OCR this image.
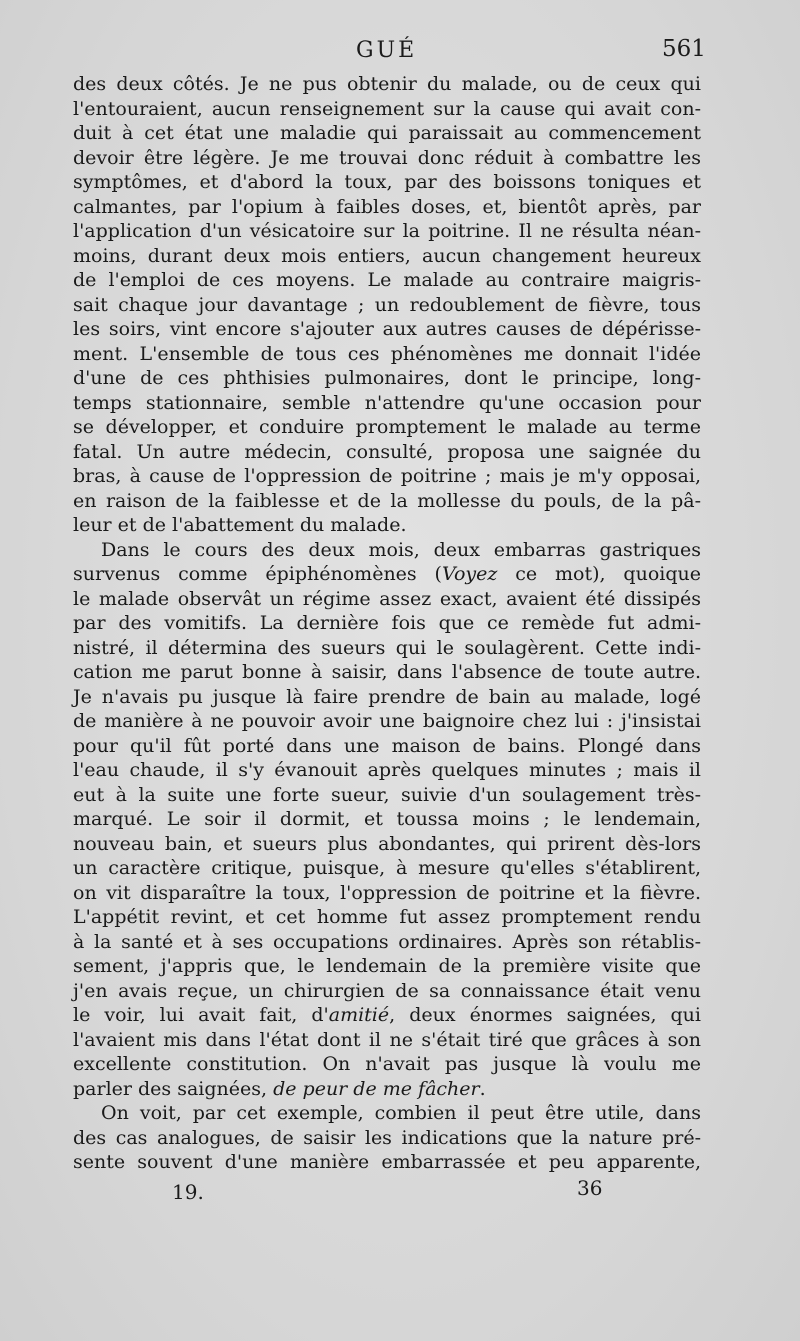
GUÉ	561
des deux côtés. Je ne pus obtenir du malade, ou de ceux qui
l'entouraient, aucun renseignement sur la cause qui avait con-
duit à cet état une maladie qui paraissait au commencement
devoir être légère. Je me trouvai donc réduit à combattre les
symptômes, et d'abord la toux, par des boissons toniques et
calmantes, par l'opium à faibles doses, et, bientôt après, par
l'application d'un vésicatoire sur la poitrine. Il ne résulta néan-
moins, durant deux mois entiers, aucun changement heureux
de l'emploi de ces moyens. Le malade au contraire maigris-
sait chaque jour davantage ; un redoublement de fièvre, tous
les soirs, vint encore s'ajouter aux autres causes de dépérisse-
ment. L'ensemble de tous ces phénomènes me donnait l'idée
d'une de ces phthisies pulmonaires, dont le principe, long-
temps stationnaire, semble n'attendre qu'une occasion pour
se développer, et conduire promptement le malade au terme
fatal. Un autre médecin, consulté, proposa une saignée du
bras, à cause de l'oppression de poitrine ; mais je m'y opposai,
en raison de la faiblesse et de la mollesse du pouls, de la pâ-
leur et de l'abattement du malade.
Dans le cours des deux mois, deux embarras gastriques
survenus comme épiphénomènes (Voyez ce mot), quoique
le malade observât un régime assez exact, avaient été dissipés
par des vomitifs. La dernière fois que ce remède fut admi-
nistré, il détermina des sueurs qui le soulagèrent. Cette indi-
cation me parut bonne à saisir, dans l'absence de toute autre.
Je n'avais pu jusque là faire prendre de bain au malade, logé
de manière à ne pouvoir avoir une baignoire chez lui : j'insistai
pour qu'il fût porté dans une maison de bains. Plongé dans
l'eau chaude, il s'y évanouit après quelques minutes ; mais il
eut à la suite une forte sueur, suivie d'un soulagement très-
marqué. Le soir il dormit, et toussa moins ; le lendemain,
nouveau bain, et sueurs plus abondantes, qui prirent dès-lors
un caractère critique, puisque, à mesure qu'elles s'établirent,
on vit disparaître la toux, l'oppression de poitrine et la fièvre.
L'appétit revint, et cet homme fut assez promptement rendu
à la santé et à ses occupations ordinaires. Après son rétablis-
sement, j'appris que, le lendemain de la première visite que
j'en avais reçue, un chirurgien de sa connaissance était venu
le voir, lui avait fait, d'amitié, deux énormes saignées, qui
l'avaient mis dans l'état dont il ne s'était tiré que grâces à son
excellente constitution. On n'avait pas jusque là voulu me
parler des saignées, de peur de me fâcher.
On voit, par cet exemple, combien il peut être utile, dans
des cas analogues, de saisir les indications que la nature pré-
sente souvent d'une manière embarrassée et peu apparente,
19.	36
